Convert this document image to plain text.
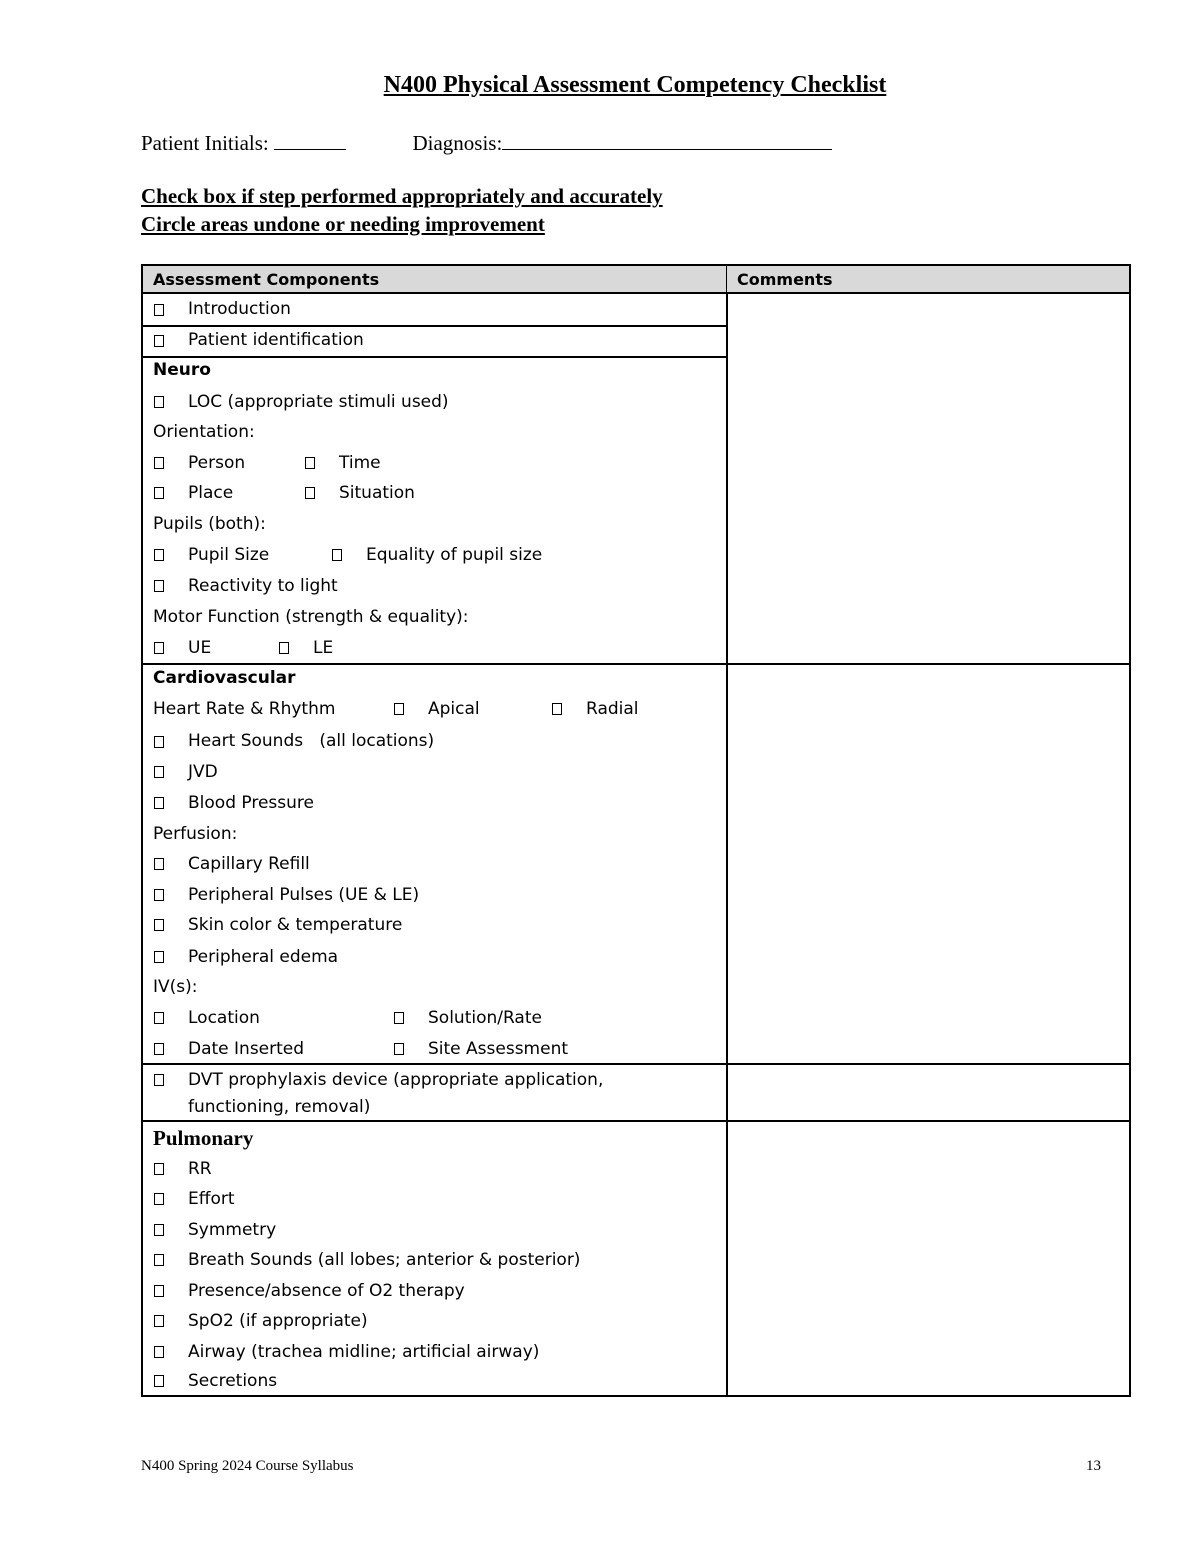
N400 Physical Assessment Competency Checklist
Patient Initials:	Diagnosis:
Check box if step performed appropriately and accurately
Circle areas undone or needing improvement
Assessment Components	Comments
Introduction
Patient identification
Neuro
LOC (appropriate stimuli used)
Orientation:
Person	Time
Place	Situation
Pupils (both):
Pupil Size	Equality of pupil size
Reactivity to light
Motor Function (strength & equality):
UE	LE
Cardiovascular
Heart Rate & Rhythm	Apical	Radial
Heart Sounds   (all locations)
JVD
Blood Pressure
Perfusion:
Capillary Refill
Peripheral Pulses (UE & LE)
Skin color & temperature
Peripheral edema
IV(s):
Location	Solution/Rate
Date Inserted	Site Assessment
DVT prophylaxis device (appropriate application,
functioning, removal)
Pulmonary
RR
Effort
Symmetry
Breath Sounds (all lobes; anterior & posterior)
Presence/absence of O2 therapy
SpO2 (if appropriate)
Airway (trachea midline; artificial airway)
Secretions
N400 Spring 2024 Course Syllabus	13
